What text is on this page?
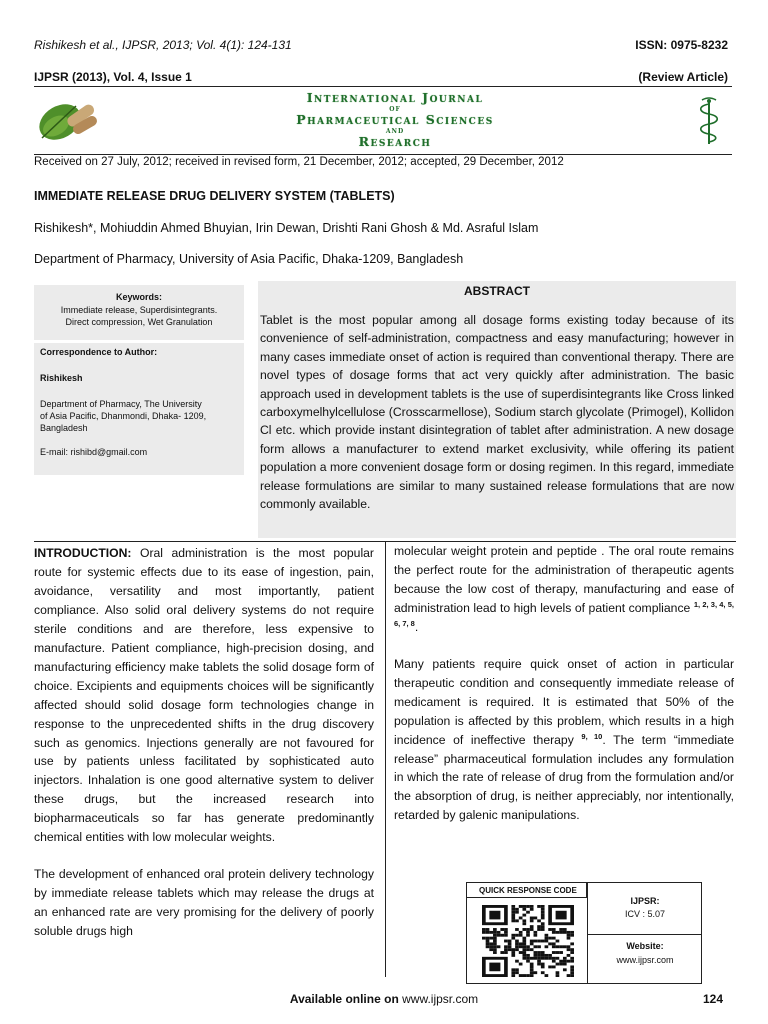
Rishikesh et al., IJPSR, 2013; Vol. 4(1): 124-131	ISSN: 0975-8232
IJPSR (2013), Vol. 4, Issue 1	(Review Article)
International Journal
of
Pharmaceutical Sciences
and
Research
Received on 27 July, 2012; received in revised form, 21 December, 2012; accepted, 29 December, 2012
IMMEDIATE RELEASE DRUG DELIVERY SYSTEM (TABLETS)
Rishikesh*, Mohiuddin Ahmed Bhuyian, Irin Dewan, Drishti Rani Ghosh & Md. Asraful Islam
Department of Pharmacy, University of Asia Pacific, Dhaka-1209, Bangladesh
Keywords:
Immediate release, Superdisintegrants.
Direct compression, Wet Granulation
Correspondence to Author:
Rishikesh
Department of Pharmacy, The University
of Asia Pacific, Dhanmondi, Dhaka- 1209,
Bangladesh
E-mail: rishibd@gmail.com
ABSTRACT
Tablet is the most popular among all dosage forms existing today because of its convenience of self-administration, compactness and easy manufacturing; however in many cases immediate onset of action is required than conventional therapy. There are novel types of dosage forms that act very quickly after administration. The basic approach used in development tablets is the use of superdisintegrants like Cross linked carboxymelhylcellulose (Crosscarmellose), Sodium starch glycolate (Primogel), Kollidon Cl etc. which provide instant disintegration of tablet after administration. A new dosage form allows a manufacturer to extend market exclusivity, while offering its patient population a more convenient dosage form or dosing regimen. In this regard, immediate release formulations are similar to many sustained release formulations that are now commonly available.

INTRODUCTION: Oral administration is the most popular route for systemic effects due to its ease of ingestion, pain, avoidance, versatility and most importantly, patient compliance. Also solid oral delivery systems do not require sterile conditions and are therefore, less expensive to manufacture. Patient compliance, high-precision dosing, and manufacturing efficiency make tablets the solid dosage form of choice. Excipients and equipments choices will be significantly affected should solid dosage form technologies change in response to the unprecedented shifts in the drug discovery such as genomics. Injections generally are not favoured for use by patients unless facilitated by sophisticated auto injectors. Inhalation is one good alternative system to deliver these drugs, but the increased research into biopharmaceuticals so far has generate predominantly chemical entities with low molecular weights.

The development of enhanced oral protein delivery technology by immediate release tablets which may release the drugs at an enhanced rate are very promising for the delivery of poorly soluble drugs high

molecular weight protein and peptide . The oral route remains the perfect route for the administration of therapeutic agents because the low cost of therapy, manufacturing and ease of administration lead to high levels of patient compliance $^{1, 2, 3, 4, 5, 6, 7, 8}$.

Many patients require quick onset of action in particular therapeutic condition and consequently immediate release of medicament is required. It is estimated that 50% of the population is affected by this problem, which results in a high incidence of ineffective therapy $^{9, 10}$. The term “immediate release” pharmaceutical formulation includes any formulation in which the rate of release of drug from the formulation and/or the absorption of drug, is neither appreciably, nor intentionally, retarded by galenic manipulations.

QUICK RESPONSE CODE
IJPSR:
ICV : 5.07
Website:
www.ijpsr.com
Available online on www.ijpsr.com	124
